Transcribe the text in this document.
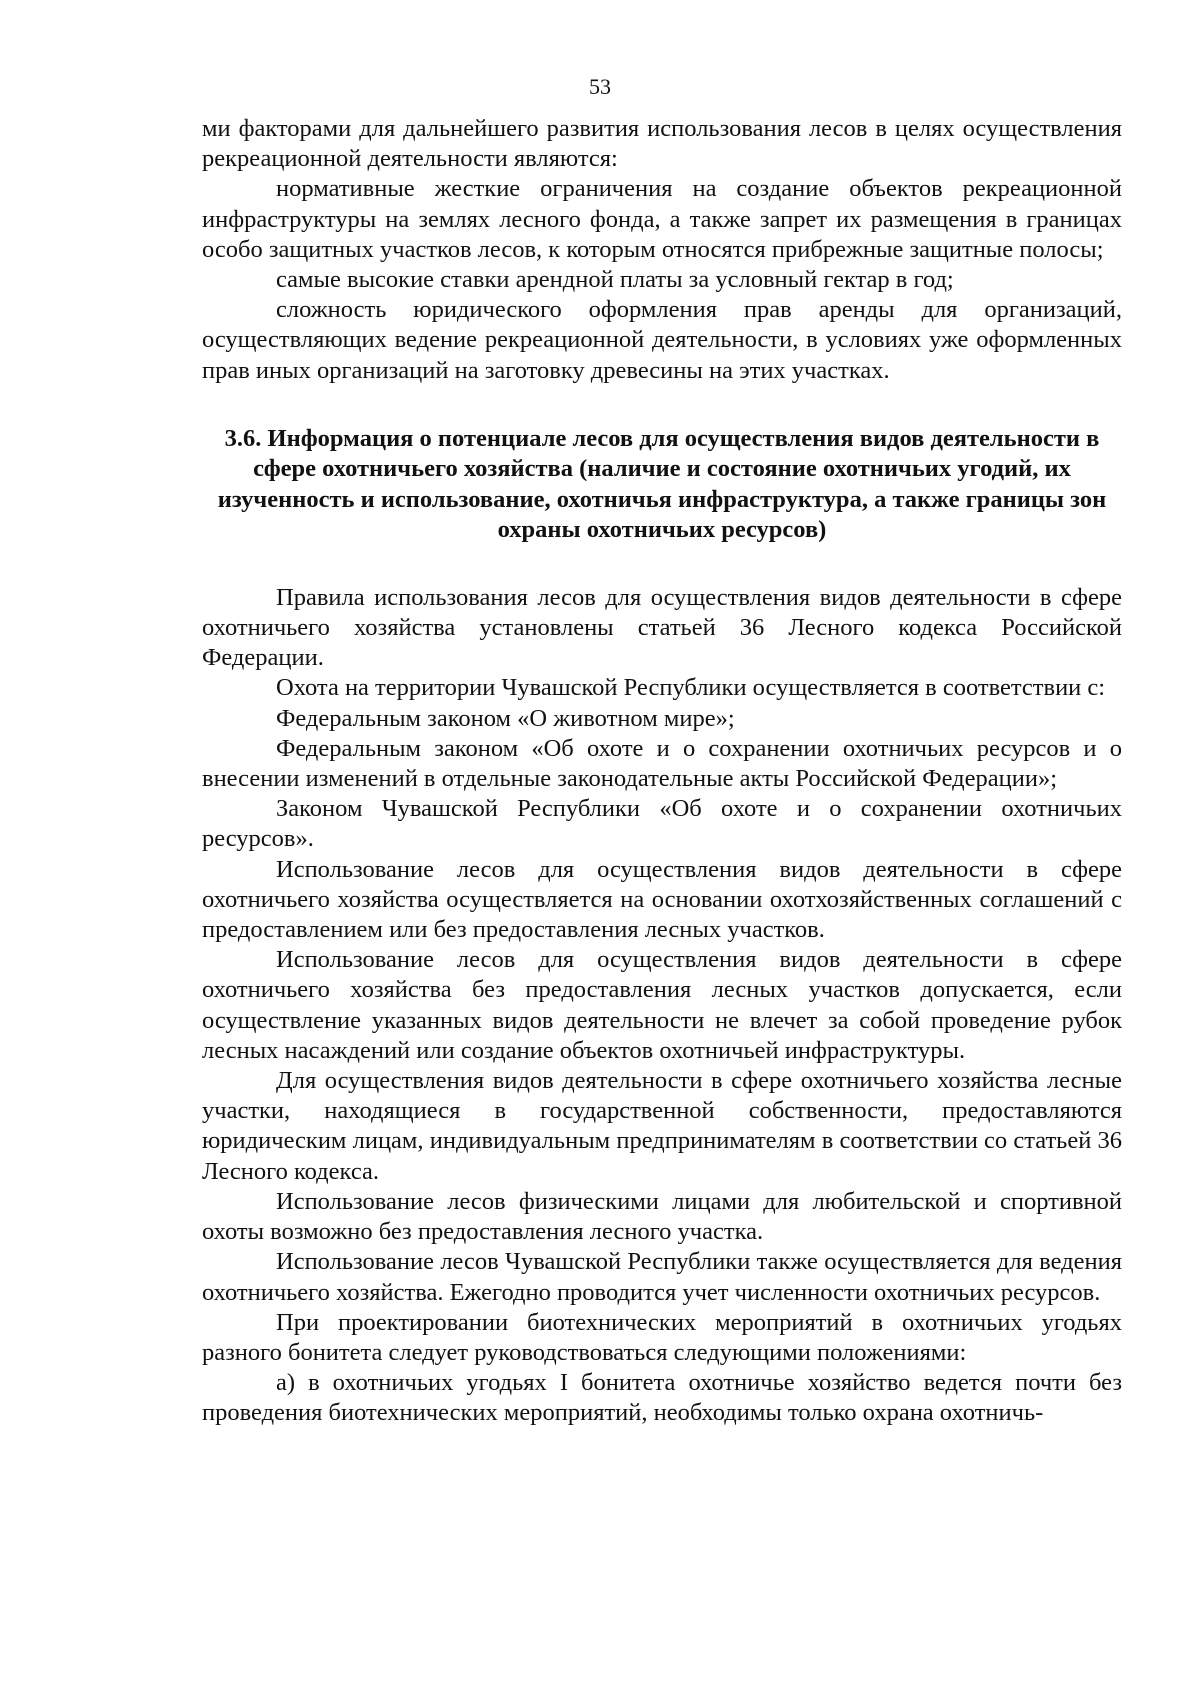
53

ми факторами для дальнейшего развития использования лесов в целях осуществления рекреационной деятельности являются:

нормативные жесткие ограничения на создание объектов рекреационной инфраструктуры на землях лесного фонда, а также запрет их размещения в границах особо защитных участков лесов, к которым относятся прибрежные защитные полосы;

самые высокие ставки арендной платы за условный гектар в год;

сложность юридического оформления прав аренды для организаций, осуществляющих ведение рекреационной деятельности, в условиях уже оформленных прав иных организаций на заготовку древесины на этих участках.

3.6. Информация о потенциале лесов для осуществления видов деятельности в сфере охотничьего хозяйства (наличие и состояние охотничьих угодий, их изученность и использование, охотничья инфраструктура, а также границы зон охраны охотничьих ресурсов)

Правила использования лесов для осуществления видов деятельности в сфере охотничьего хозяйства установлены статьей 36 Лесного кодекса Российской Федерации.

Охота на территории Чувашской Республики осуществляется в соответствии с:

Федеральным законом «О животном мире»;

Федеральным законом «Об охоте и о сохранении охотничьих ресурсов и о внесении изменений в отдельные законодательные акты Российской Федерации»;

Законом Чувашской Республики «Об охоте и о сохранении охотничьих ресурсов».

Использование лесов для осуществления видов деятельности в сфере охотничьего хозяйства осуществляется на основании охотхозяйственных соглашений с предоставлением или без предоставления лесных участков.

Использование лесов для осуществления видов деятельности в сфере охотничьего хозяйства без предоставления лесных участков допускается, если осуществление указанных видов деятельности не влечет за собой проведение рубок лесных насаждений или создание объектов охотничьей инфраструктуры.

Для осуществления видов деятельности в сфере охотничьего хозяйства лесные участки, находящиеся в государственной собственности, предоставляются юридическим лицам, индивидуальным предпринимателям в соответствии со статьей 36 Лесного кодекса.

Использование лесов физическими лицами для любительской и спортивной охоты возможно без предоставления лесного участка.

Использование лесов Чувашской Республики также осуществляется для ведения охотничьего хозяйства. Ежегодно проводится учет численности охотничьих ресурсов.

При проектировании биотехнических мероприятий в охотничьих угодьях разного бонитета следует руководствоваться следующими положениями:

а) в охотничьих угодьях I бонитета охотничье хозяйство ведется почти без проведения биотехнических мероприятий, необходимы только охрана охотничь-
